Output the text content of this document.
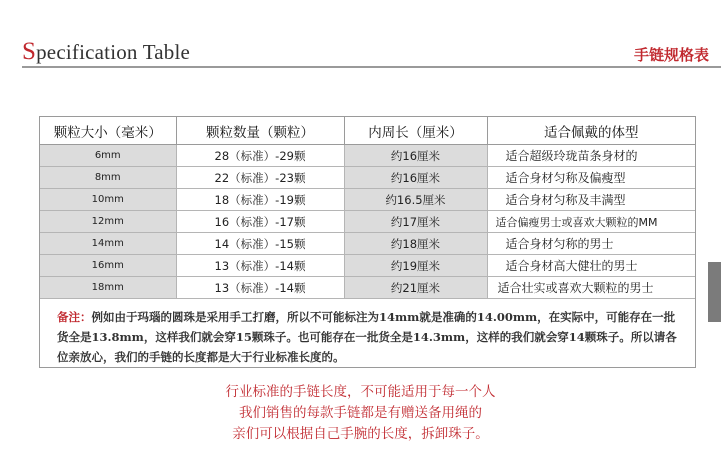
Specification Table	手链规格表
颗粒大小（毫米）	颗粒数量（颗粒）	内周长（厘米）	适合佩戴的体型
6mm	28（标准）-29颗	约16厘米	适合超级玲珑苗条身材的
8mm	22（标准）-23颗	约16厘米	适合身材匀称及偏瘦型
10mm	18（标准）-19颗	约16.5厘米	适合身材匀称及丰满型
12mm	16（标准）-17颗	约17厘米	适合偏瘦男士或喜欢大颗粒的MM
14mm	14（标准）-15颗	约18厘米	适合身材匀称的男士
16mm	13（标准）-14颗	约19厘米	适合身材高大健壮的男士
18mm	13（标准）-14颗	约21厘米	适合壮实或喜欢大颗粒的男士
备注：例如由于玛瑙的圆珠是采用手工打磨，所以不可能标注为14mm就是准确的14.00mm，在实际中，可能存在一批货全是13.8mm，这样我们就会穿15颗珠子。也可能存在一批货全是14.3mm，这样的我们就会穿14颗珠子。所以请各位亲放心，我们的手链的长度都是大于行业标准长度的。
行业标准的手链长度，不可能适用于每一个人
我们销售的每款手链都是有赠送备用绳的
亲们可以根据自己手腕的长度，拆卸珠子。
